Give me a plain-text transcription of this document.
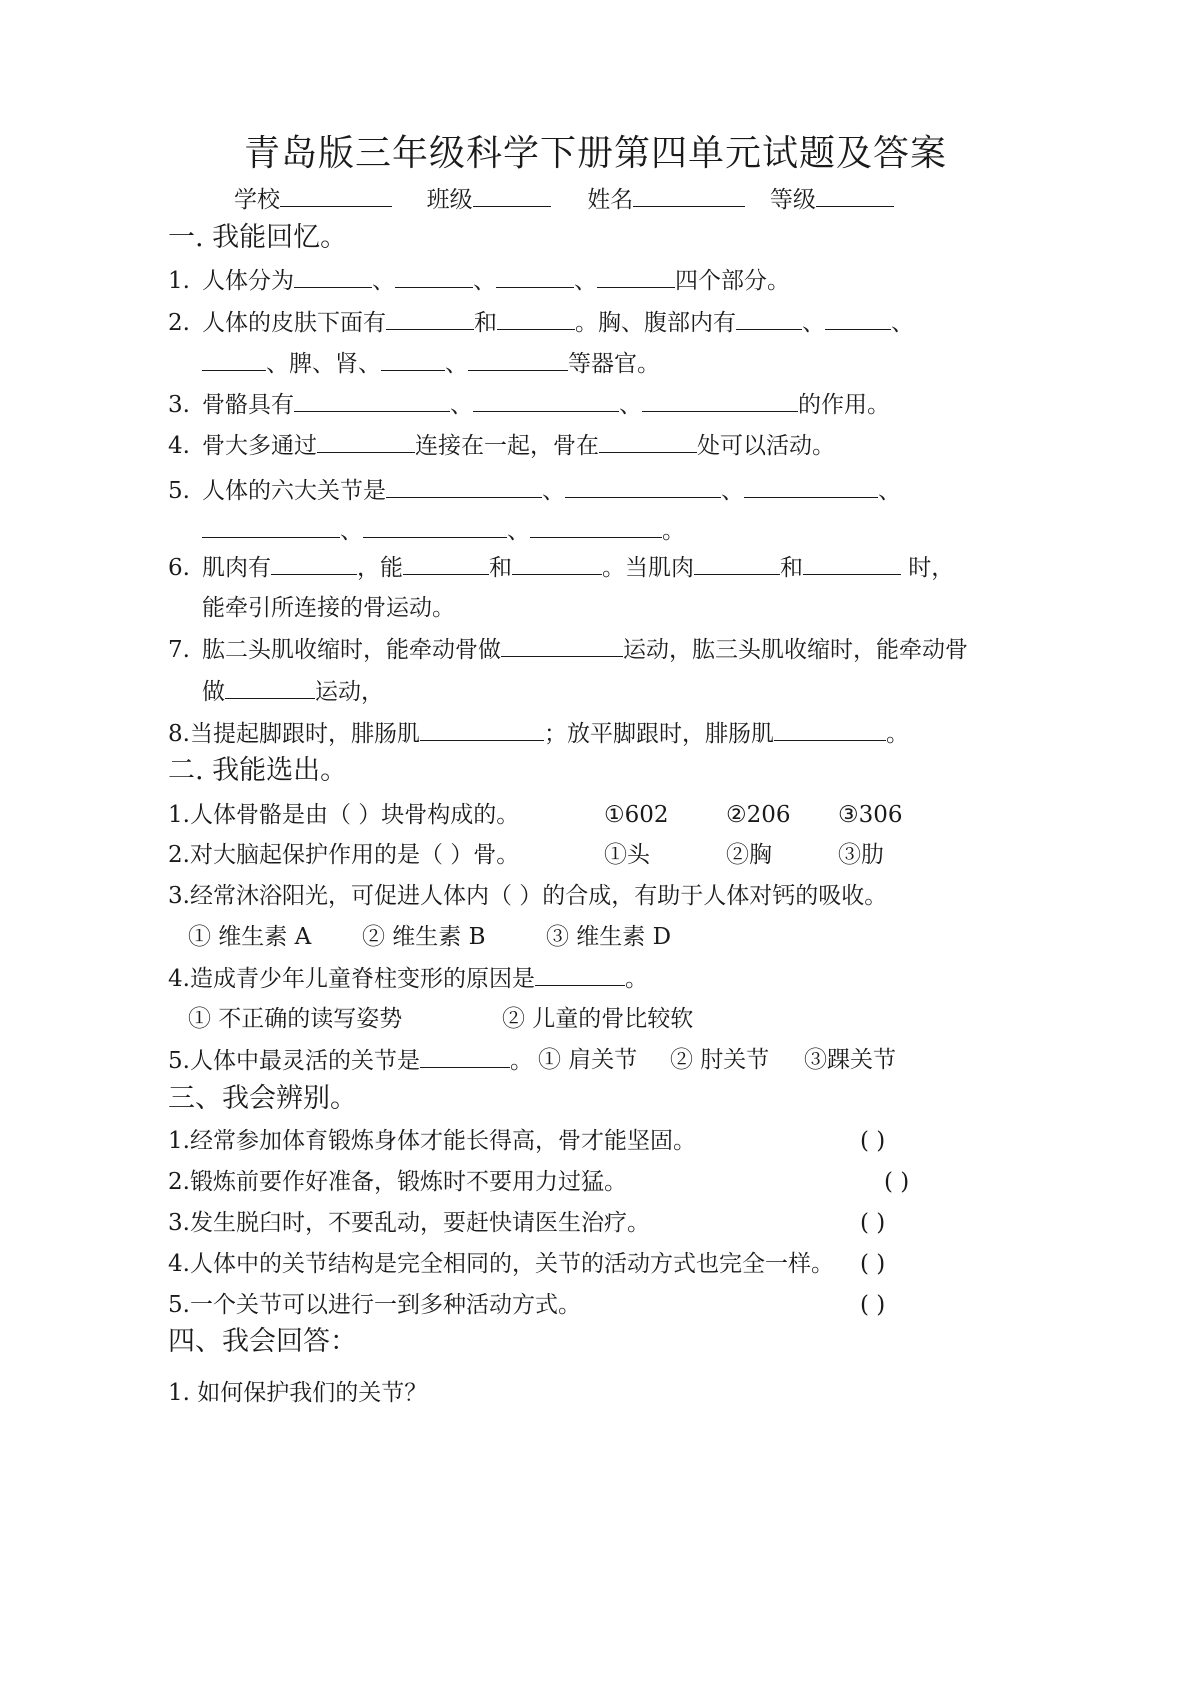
青岛版三年级科学下册第四单元试题及答案
学校	班级	姓名	等级
一. 我能回忆。
1. 人体分为	、	、	、	四个部分。
2. 人体的皮肤下面有	和	。胸、腹部内有	、	、
、脾、肾、	、	等器官。
3. 骨骼具有	、	、	的作用。
4. 骨大多通过	连接在一起，骨在	处可以活动。
5. 人体的六大关节是	、	、	、
、	、	。
6. 肌肉有	，能	和	。当肌肉	和	时，
能牵引所连接的骨运动。
7. 肱二头肌收缩时，能牵动骨做	运动，肱三头肌收缩时，能牵动骨
做	运动，
8.当提起脚跟时，腓肠肌	；放平脚跟时，腓肠肌	。
二. 我能选出。
1.人体骨骼是由（ ）块骨构成的。	①602 ②206 ③306
2.对大脑起保护作用的是（ ）骨。	①头	②胸	③肋
3.经常沐浴阳光，可促进人体内（ ）的合成，有助于人体对钙的吸收。
① 维生素 A ② 维生素 B	③ 维生素 D
4.造成青少年儿童脊柱变形的原因是	。
① 不正确的读写姿势	② 儿童的骨比较软
5.人体中最灵活的关节是	。 ① 肩关节 ② 肘关节 ③踝关节
三、我会辨别。
1.经常参加体育锻炼身体才能长得高，骨才能坚固。	( )
2.锻炼前要作好准备，锻炼时不要用力过猛。	( )
3.发生脱臼时，不要乱动，要赶快请医生治疗。	( )
4.人体中的关节结构是完全相同的，关节的活动方式也完全一样。 ( )
5.一个关节可以进行一到多种活动方式。	( )
四、我会回答：
1. 如何保护我们的关节？
